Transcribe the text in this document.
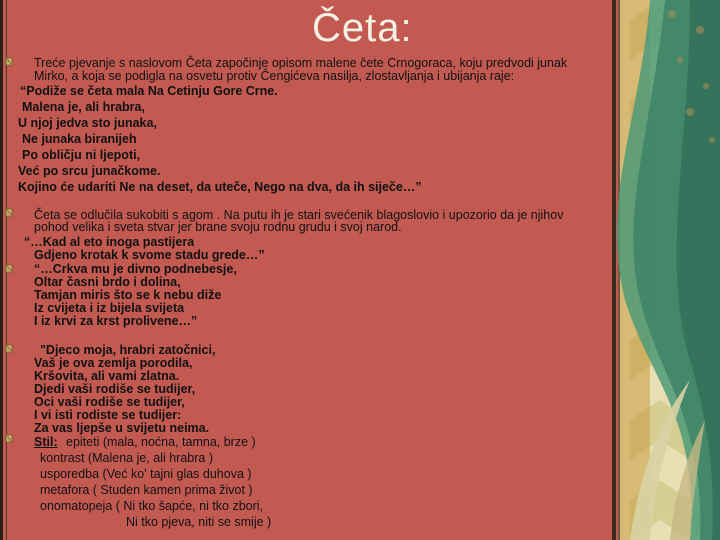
Četa:
Treće pjevanje s naslovom Četa započinje opisom malene čete Crnogoraca, koju predvodi junak
Mirko, a koja se podigla na osvetu protiv Čengićeva nasilja, zlostavljanja i ubijanja raje:
“Podiže se četa mala Na Cetinju Gore Crne.
Malena je, ali hrabra,
U njoj jedva sto junaka,
Ne junaka biranijeh
Po obličju ni ljepoti,
Već po srcu junačkome.
Kojino će udariti Ne na deset, da uteče, Nego na dva, da ih siječe…”
Četa se odlučila sukobiti s agom . Na putu ih je stari svećenik blagoslovio i upozorio da je njihov
pohod velika i sveta stvar jer brane svoju rodnu grudu i svoj narod.
“…Kad al eto inoga pastijera
Gdjeno krotak k svome stadu grede…”
“…Crkva mu je divno podnebesje,
Oltar časni brdo i dolina,
Tamjan miris što se k nebu diže
Iz cvijeta i iz bijela svijeta
I iz krvi za krst prolivene…”
"Djeco moja, hrabri zatočnici,
Vaš je ova zemlja porodila,
Kršovita, ali vami zlatna.
Djedi vaši rodiše se tudijer,
Oci vaši rodiše se tudijer,
I vi isti rodiste se tudijer:
Za vas ljepše u svijetu neima.
Stil: epiteti (mala, noćna, tamna, brze )
kontrast (Malena je, ali hrabra )
usporedba (Već ko' tajni glas duhova )
metafora ( Studen kamen prima život )
onomatopeja ( Ni tko šapće, ni tko zbori,
Ni tko pjeva, niti se smije )
